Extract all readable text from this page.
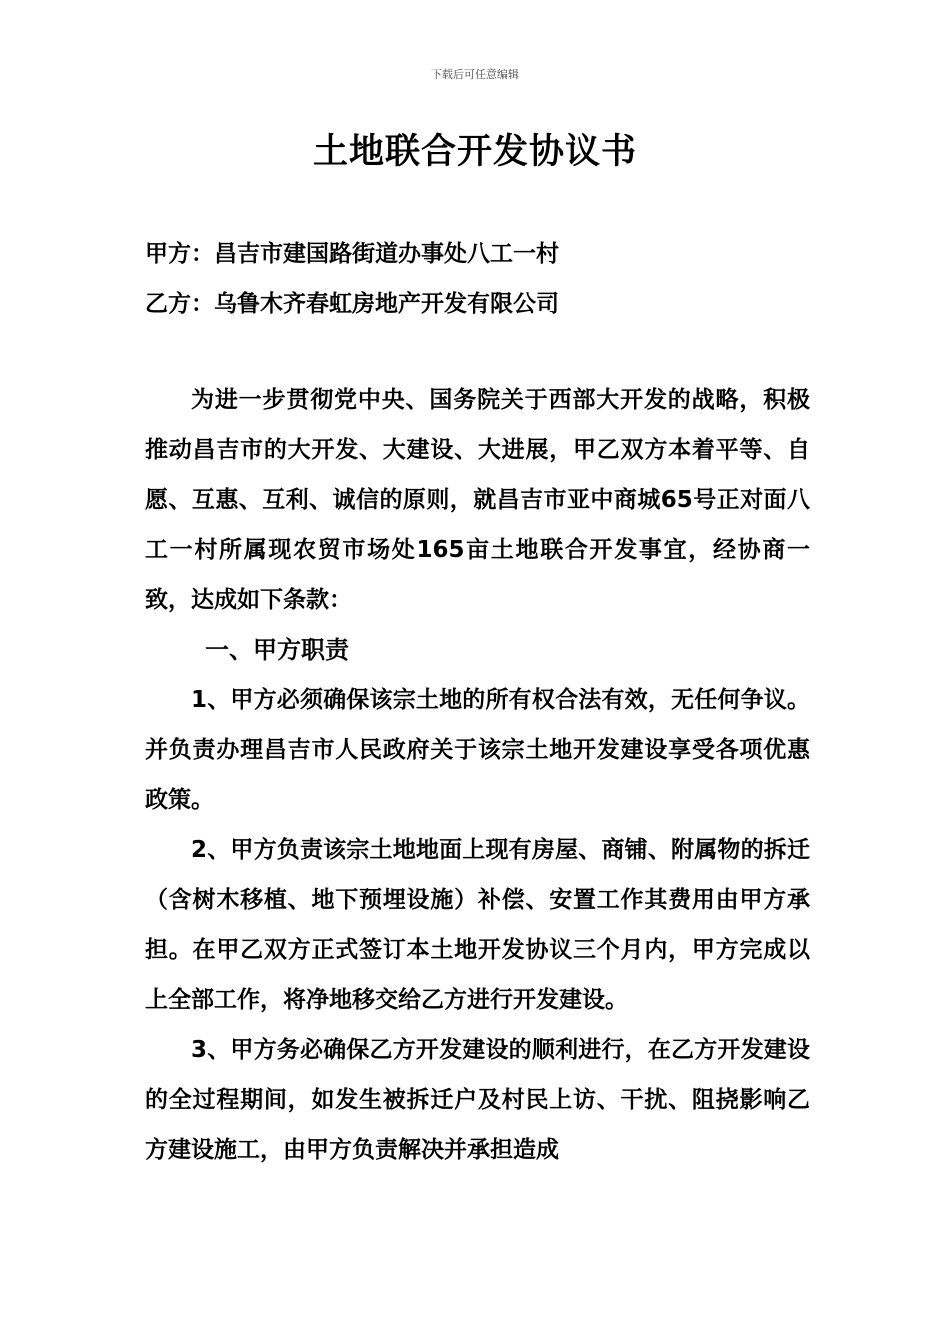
下载后可任意编辑
土地联合开发协议书
甲方：昌吉市建国路街道办事处八工一村
乙方：乌鲁木齐春虹房地产开发有限公司

为进一步贯彻党中央、国务院关于西部大开发的战略，积极推动昌吉市的大开发、大建设、大进展，甲乙双方本着平等、自愿、互惠、互利、诚信的原则，就昌吉市亚中商城65号正对面八工一村所属现农贸市场处165亩土地联合开发事宜，经协商一致，达成如下条款：

一、甲方职责

1、甲方必须确保该宗土地的所有权合法有效，无任何争议。并负责办理昌吉市人民政府关于该宗土地开发建设享受各项优惠政策。

2、甲方负责该宗土地地面上现有房屋、商铺、附属物的拆迁（含树木移植、地下预埋设施）补偿、安置工作其费用由甲方承担。在甲乙双方正式签订本土地开发协议三个月内，甲方完成以上全部工作，将净地移交给乙方进行开发建设。

3、甲方务必确保乙方开发建设的顺利进行，在乙方开发建设的全过程期间，如发生被拆迁户及村民上访、干扰、阻挠影响乙方建设施工，由甲方负责解决并承担造成
